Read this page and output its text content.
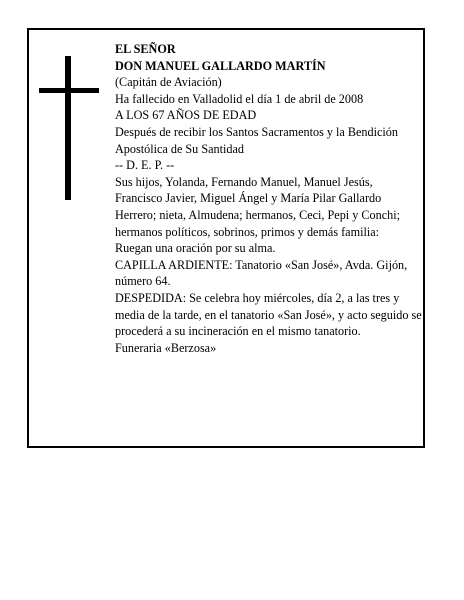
EL SEÑOR
DON MANUEL GALLARDO MARTÍN
(Capitán de Aviación)
Ha fallecido en Valladolid el día 1 de abril de 2008
A LOS 67 AÑOS DE EDAD
Después de recibir los Santos Sacramentos y la Bendición Apostólica de Su Santidad
-- D. E. P. --
Sus hijos, Yolanda, Fernando Manuel, Manuel Jesús, Francisco Javier, Miguel Ángel y María Pilar Gallardo Herrero; nieta, Almudena; hermanos, Ceci, Pepi y Conchi; hermanos políticos, sobrinos, primos y demás familia:
Ruegan una oración por su alma.
CAPILLA ARDIENTE: Tanatorio «San José», Avda. Gijón, número 64.
DESPEDIDA: Se celebra hoy miércoles, día 2, a las tres y media de la tarde, en el tanatorio «San José», y acto seguido se procederá a su incineración en el mismo tanatorio.
Funeraria «Berzosa»
